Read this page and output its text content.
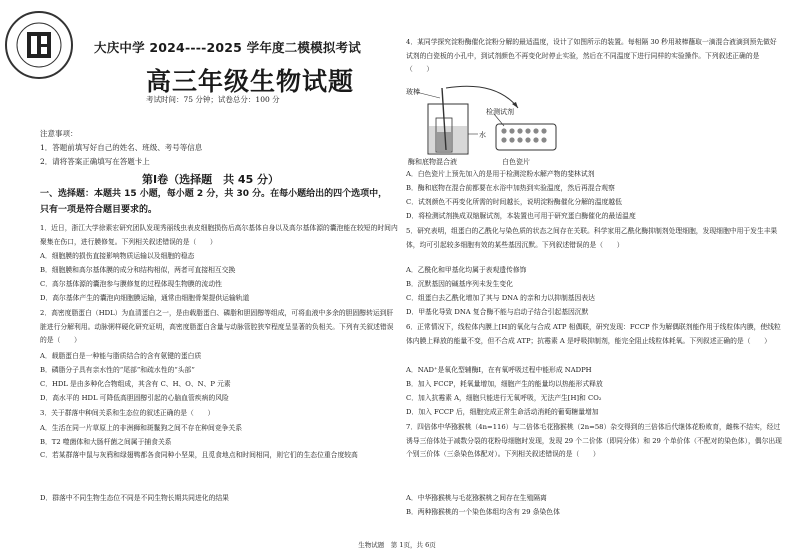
大庆中学 2024----2025 学年度二模模拟考试
高三年级生物试题
考试时间：75 分钟；试卷总分：100 分
注意事项：
1．答题前填写好自己的姓名、班级、考号等信息
2．请将答案正确填写在答题卡上
第Ⅰ卷（选择题　共 45 分）
一、选择题：本题共 15 小题，每小题 2 分，共 30 分。在每小题给出的四个选项中，
只有一项是符合题目要求的。
1．近日，浙江大学徐素宏研究团队发现秀丽线虫表皮细胞损伤后高尔基体自身以及高尔基体源的囊泡能在较短的时间内聚集在伤口，进行膜修复。下列相关叙述错误的是（　　）
A．细胞膜的损伤直接影响物质运输以及细胞的稳态
B．细胞膜和高尔基体膜的成分和结构相似，两者可直接相互交换
C．高尔基体源的囊泡参与膜修复的过程体现生物膜的流动性
D．高尔基体产生的囊泡向细胞膜运输，通常由细胞骨架提供运输轨道
2．高密度脂蛋白（HDL）为血清蛋白之一，是由载脂蛋白、磷脂和胆固醇等组成，可将血液中多余的胆固醇转运到肝脏进行分解利用。动脉粥样硬化研究证明，高密度脂蛋白含量与动脉管腔狭窄程度呈显著的负相关。下列有关叙述错误的是（　　）
A．载脂蛋白是一种能与脂质结合的含有氨键的蛋白质
B．磷脂分子具有亲水性的“尾部”和疏水性的“头部”
C．HDL 是由多种化合物组成，其含有 C、H、O、N、P 元素
D．高水平的 HDL 可降低高胆固醇引起的心脑血管疾病的风险
3．关于群落中种间关系和生态位的叙述正确的是（　　）
A．生活在同一片草原上的非洲狮和斑鬣狗之间不存在种间竞争关系
B．T2 噬菌体和大肠杆菌之间属于捕食关系
C．若某群落中鼠与灰鸦和绿翅鸭都各食同种小坚果，且觅食地点和时间相同，则它们的生态位重合度较高
D．群落中不同生物生态位不同是不同生物长期共同进化的结果
4．某同学探究淀粉酶催化淀粉分解的最适温度，设计了如图所示的装置。每相隔 30 秒用玻棒蘸取一滴混合液滴到预先做好试剂的白瓷板的小孔中，到试剂颜色不再变化时停止实验，然后在不同温度下进行同样的实验操作。下列叙述正确的是（　　）
玻棒
检测试剂
水
酶和底物混合液	白色瓷片
A．白色瓷片上预先加入的是用于检测淀粉水解产物的斐林试剂
B．酶和底物在混合前都要在水浴中加热到实验温度，然后再混合观察
C．试剂颜色不再变化所需的时间越长，说明淀粉酶催化分解的温度越低
D．将检测试剂换成双缩脲试剂，本装置也可用于研究蛋白酶催化的最适温度
5．研究表明，组蛋白的乙酰化与染色质的状态之间存在关联。科学家用乙酰化酶抑制剂处理细胞，发现细胞中用于发生丰果体，均可引起较多细胞有效的某些基因沉默。下列叙述错误的是（　　）
A．乙酰化和甲基化均属于表观遗传修饰
B．沉默基因的碱基序列未发生变化
C．组蛋白去乙酰化增加了其与 DNA 的亲和力以抑制基因表达
D．甲基化导致 DNA 复合酶不能与启动子结合引起基因沉默
6．正常情况下，线粒体内膜上[H]的氧化与合成 ATP 相偶联，研究发现：FCCP 作为解偶联剂能作用于线粒体内膜，使线粒体内膜上释放的能量不变，但不合成 ATP；抗霉素 A 是呼吸抑制剂，能完全阻止线粒体耗氧。下列叙述正确的是（　　）
A．NAD⁺是氧化型辅酶Ⅰ，在有氧呼吸过程中能形成 NADPH
B．加入 FCCP，耗氧量增加，细胞产生的能量均以热能形式释放
C．加入抗霉素 A，细胞只能进行无氧呼吸，无法产生[H]和 CO₂
D．加入 FCCP 后，细胞完成正常生命活动消耗的葡萄糖量增加
7．四倍体中华猕猴桃（4n=116）与二倍体毛花猕猴桃（2n=58）杂交得到的三倍体后代继体花粉败育，雌株不结实，经过诱导三倍体处于减数分裂的花粉母细胞时发现，发现 29 个二价体（即同分体）和 29 个单价体（不配对的染色体），偶尔出现个别三价体（三条染色体配对）。下列相关叙述错误的是（　　）
A．中华猕猴桃与毛花猕猴桃之间存在生殖隔离
B．两种猕猴桃的一个染色体组均含有 29 条染色体
生物试题　第 1页，共 6页
